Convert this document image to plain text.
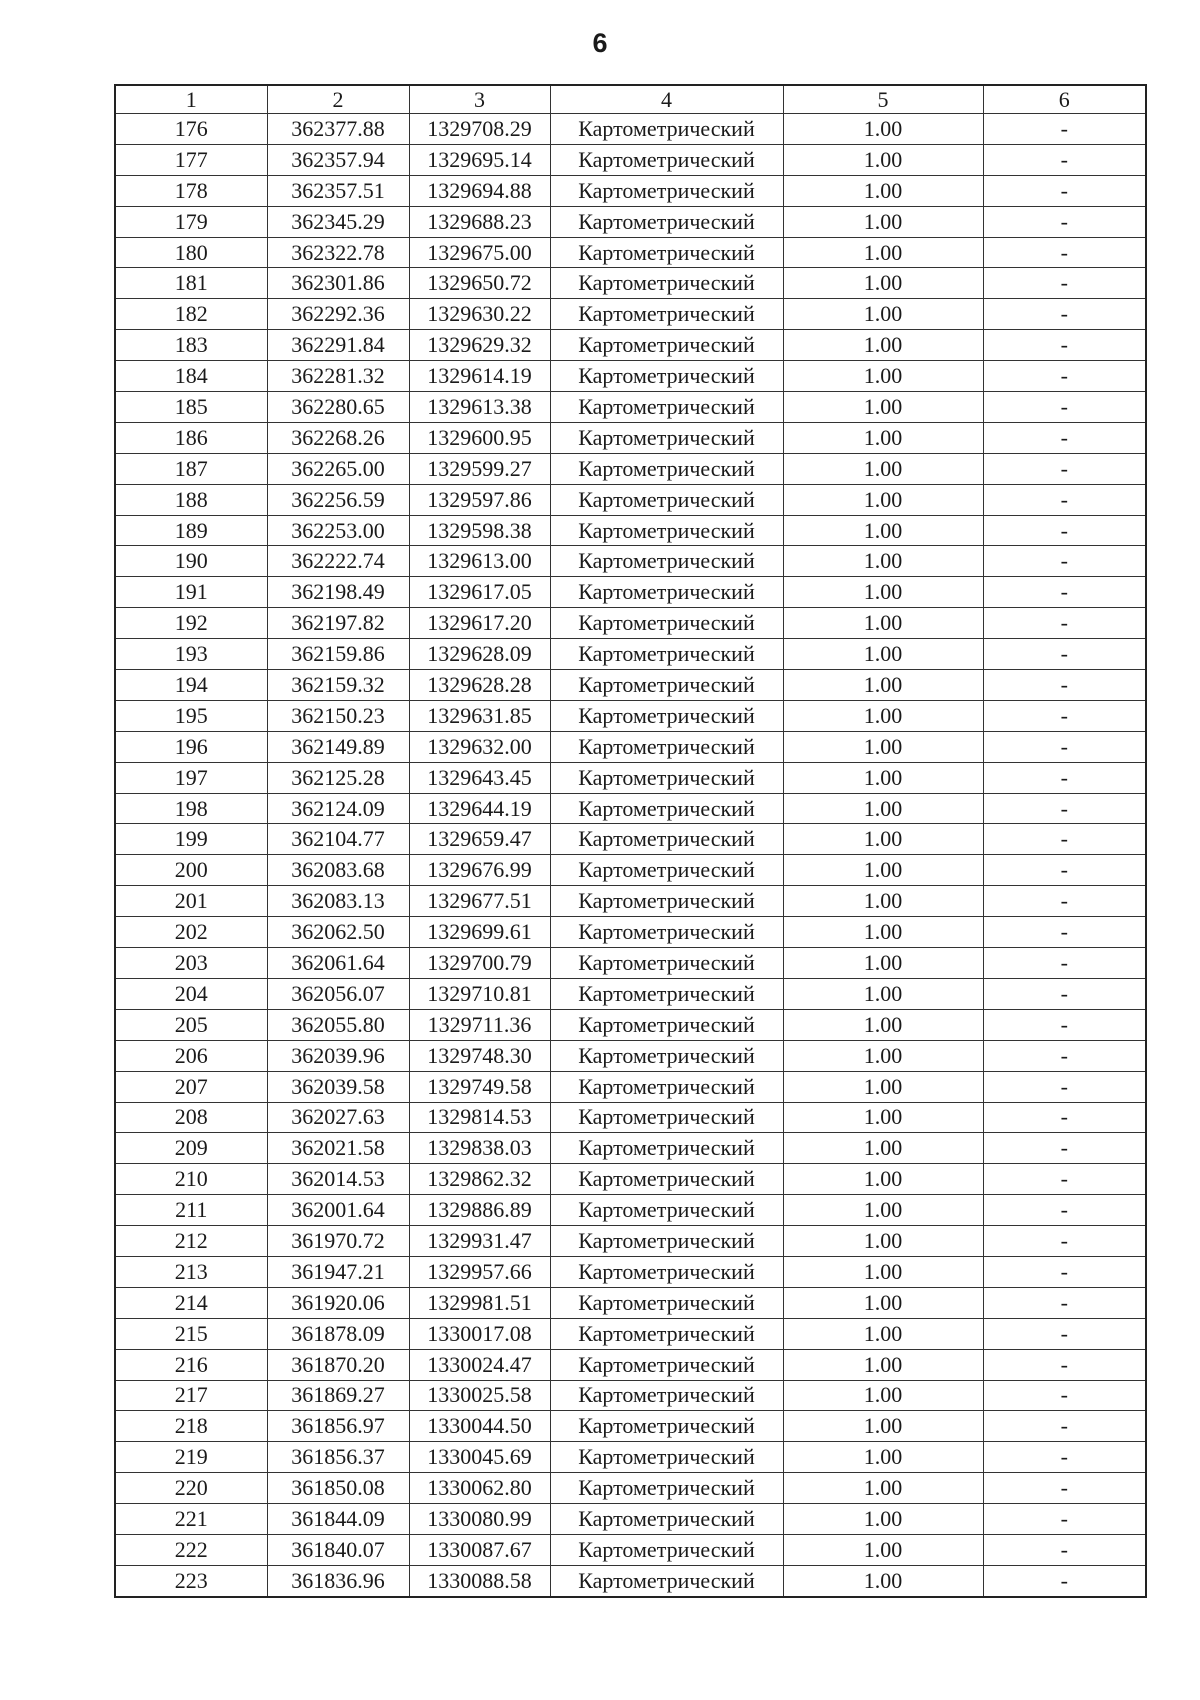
6
1	2	3	4	5	6
176	362377.88	1329708.29	Картометрический	1.00	-
177	362357.94	1329695.14	Картометрический	1.00	-
178	362357.51	1329694.88	Картометрический	1.00	-
179	362345.29	1329688.23	Картометрический	1.00	-
180	362322.78	1329675.00	Картометрический	1.00	-
181	362301.86	1329650.72	Картометрический	1.00	-
182	362292.36	1329630.22	Картометрический	1.00	-
183	362291.84	1329629.32	Картометрический	1.00	-
184	362281.32	1329614.19	Картометрический	1.00	-
185	362280.65	1329613.38	Картометрический	1.00	-
186	362268.26	1329600.95	Картометрический	1.00	-
187	362265.00	1329599.27	Картометрический	1.00	-
188	362256.59	1329597.86	Картометрический	1.00	-
189	362253.00	1329598.38	Картометрический	1.00	-
190	362222.74	1329613.00	Картометрический	1.00	-
191	362198.49	1329617.05	Картометрический	1.00	-
192	362197.82	1329617.20	Картометрический	1.00	-
193	362159.86	1329628.09	Картометрический	1.00	-
194	362159.32	1329628.28	Картометрический	1.00	-
195	362150.23	1329631.85	Картометрический	1.00	-
196	362149.89	1329632.00	Картометрический	1.00	-
197	362125.28	1329643.45	Картометрический	1.00	-
198	362124.09	1329644.19	Картометрический	1.00	-
199	362104.77	1329659.47	Картометрический	1.00	-
200	362083.68	1329676.99	Картометрический	1.00	-
201	362083.13	1329677.51	Картометрический	1.00	-
202	362062.50	1329699.61	Картометрический	1.00	-
203	362061.64	1329700.79	Картометрический	1.00	-
204	362056.07	1329710.81	Картометрический	1.00	-
205	362055.80	1329711.36	Картометрический	1.00	-
206	362039.96	1329748.30	Картометрический	1.00	-
207	362039.58	1329749.58	Картометрический	1.00	-
208	362027.63	1329814.53	Картометрический	1.00	-
209	362021.58	1329838.03	Картометрический	1.00	-
210	362014.53	1329862.32	Картометрический	1.00	-
211	362001.64	1329886.89	Картометрический	1.00	-
212	361970.72	1329931.47	Картометрический	1.00	-
213	361947.21	1329957.66	Картометрический	1.00	-
214	361920.06	1329981.51	Картометрический	1.00	-
215	361878.09	1330017.08	Картометрический	1.00	-
216	361870.20	1330024.47	Картометрический	1.00	-
217	361869.27	1330025.58	Картометрический	1.00	-
218	361856.97	1330044.50	Картометрический	1.00	-
219	361856.37	1330045.69	Картометрический	1.00	-
220	361850.08	1330062.80	Картометрический	1.00	-
221	361844.09	1330080.99	Картометрический	1.00	-
222	361840.07	1330087.67	Картометрический	1.00	-
223	361836.96	1330088.58	Картометрический	1.00	-
